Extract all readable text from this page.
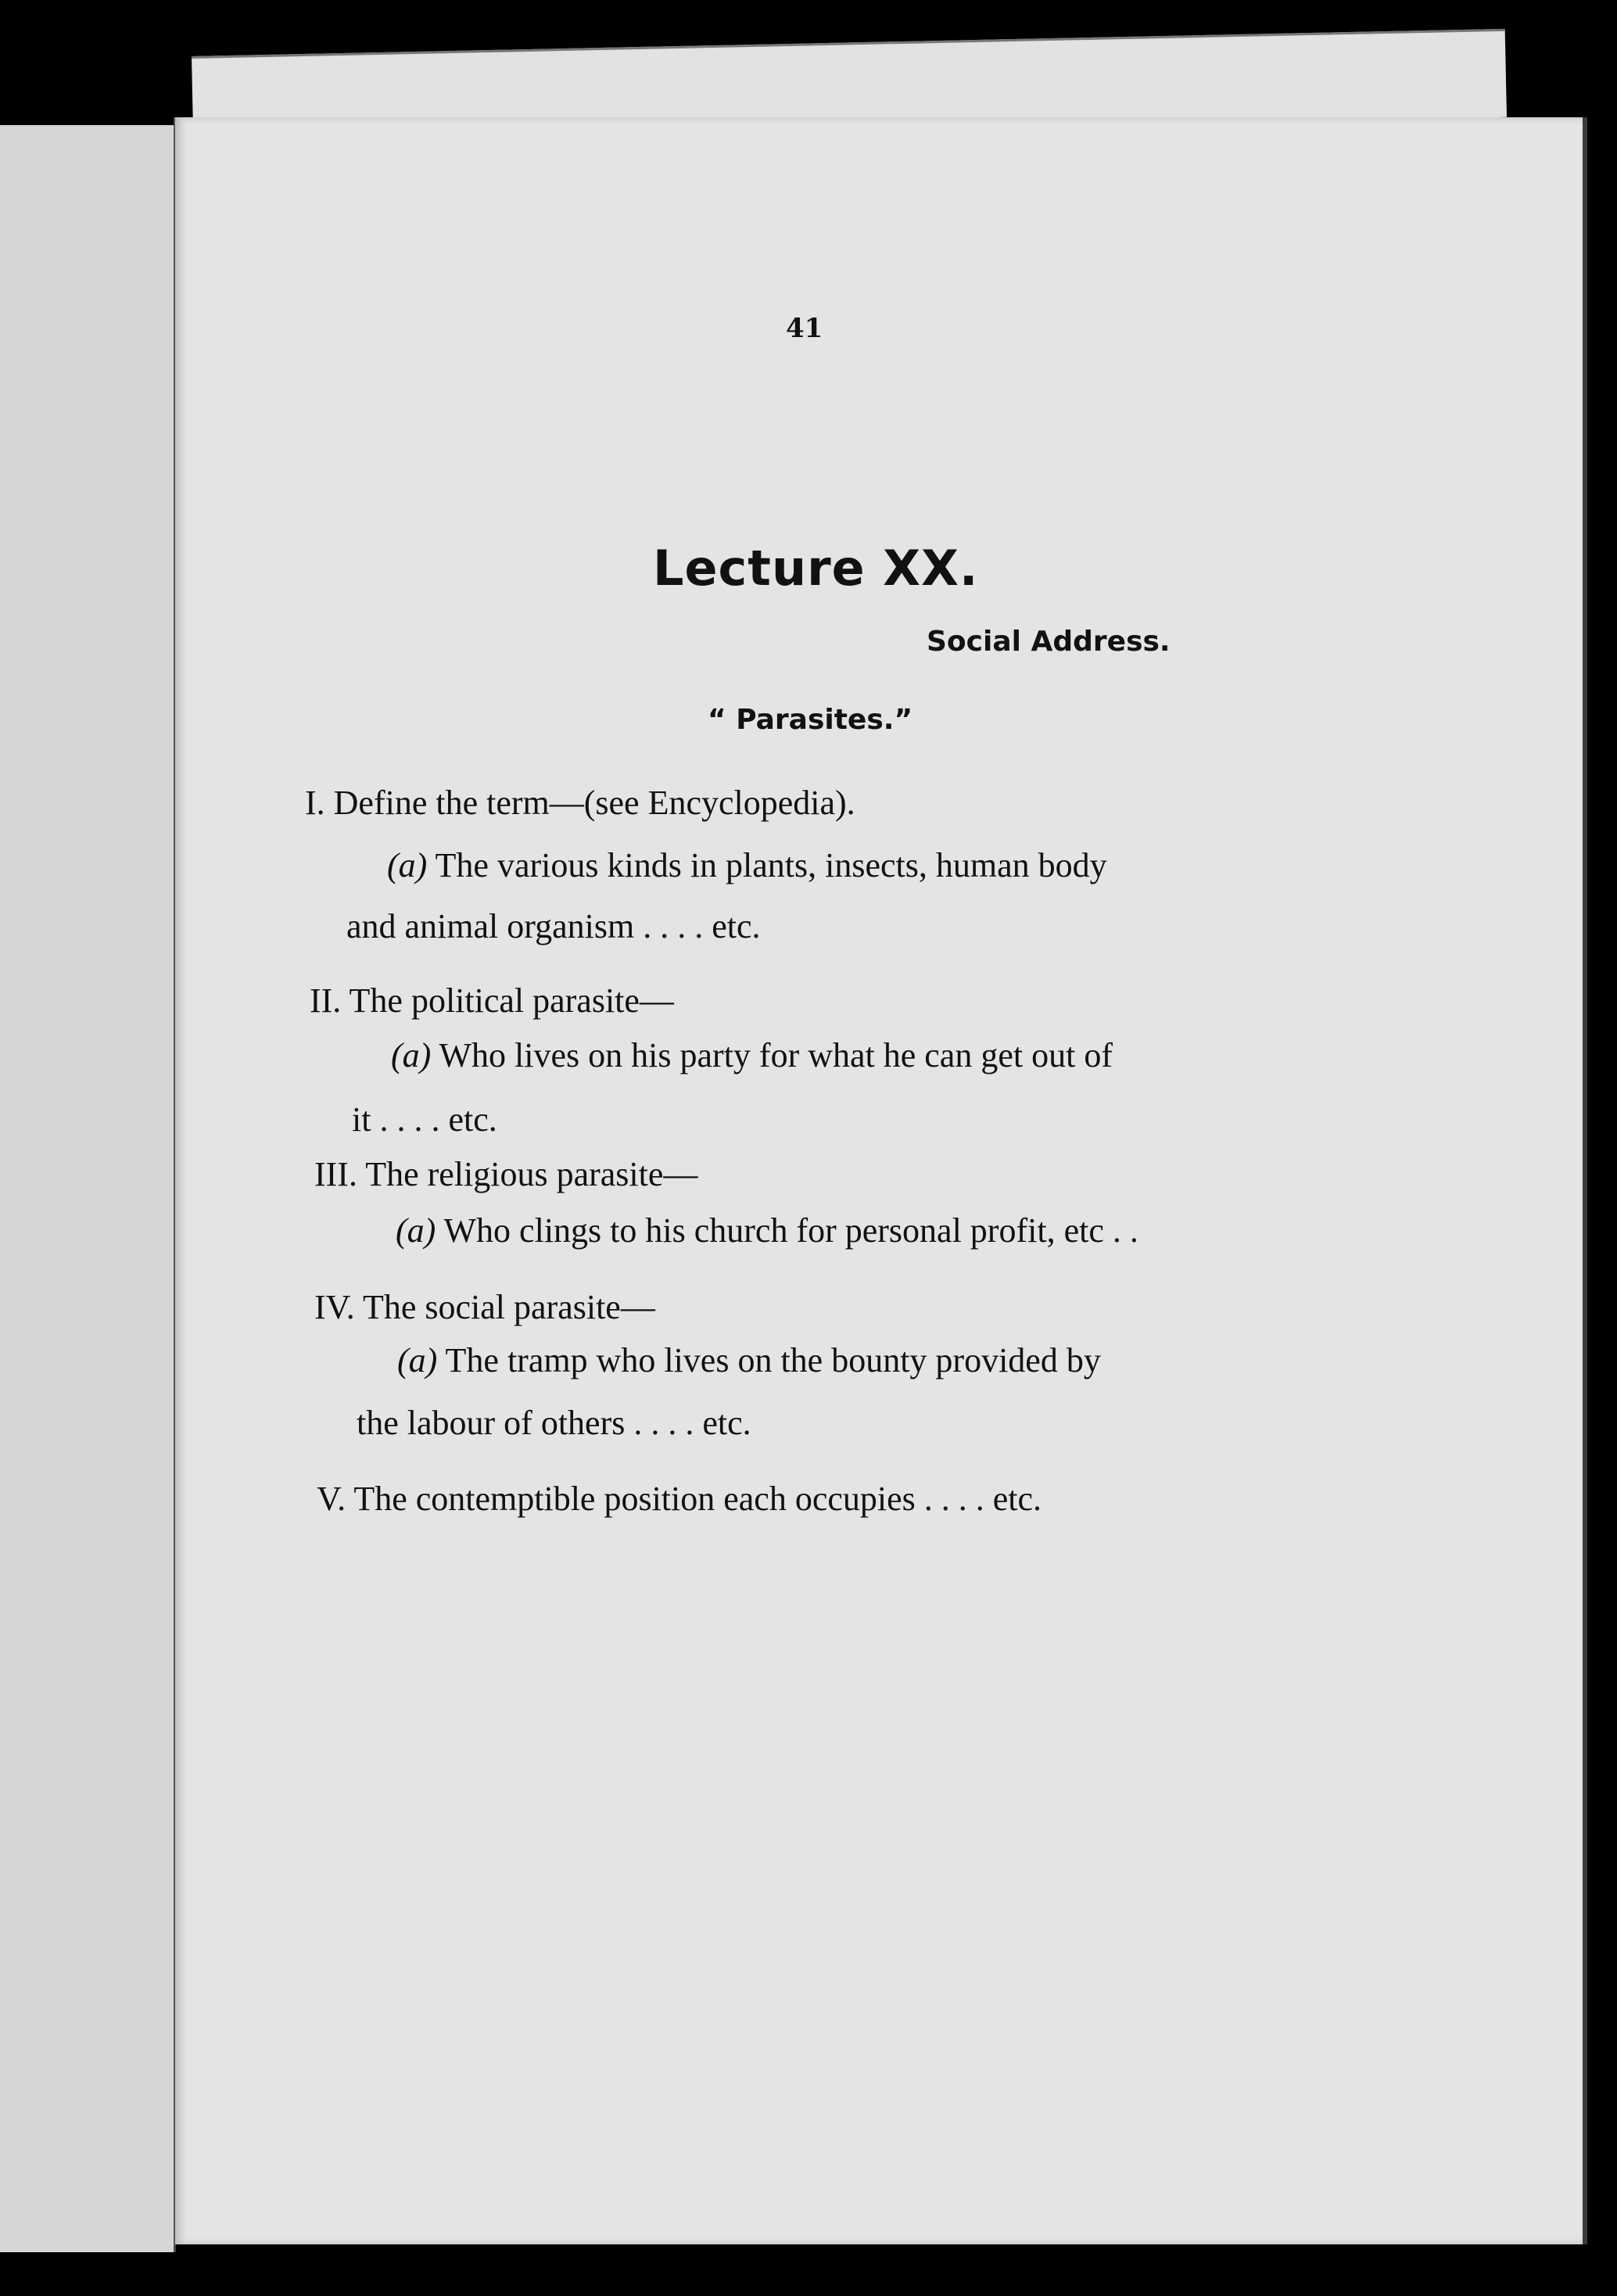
41
Lecture XX.
Social Address.
“ Parasites.”
I. Define the term—(see Encyclopedia).
(a) The various kinds in plants, insects, human body
and animal organism . . . . etc.
II. The political parasite—
(a) Who lives on his party for what he can get out of
it . . . . etc.
III. The religious parasite—
(a) Who clings to his church for personal profit, etc . .
IV. The social parasite—
(a) The tramp who lives on the bounty provided by
the labour of others . . . . etc.
V. The contemptible position each occupies . . . . etc.
